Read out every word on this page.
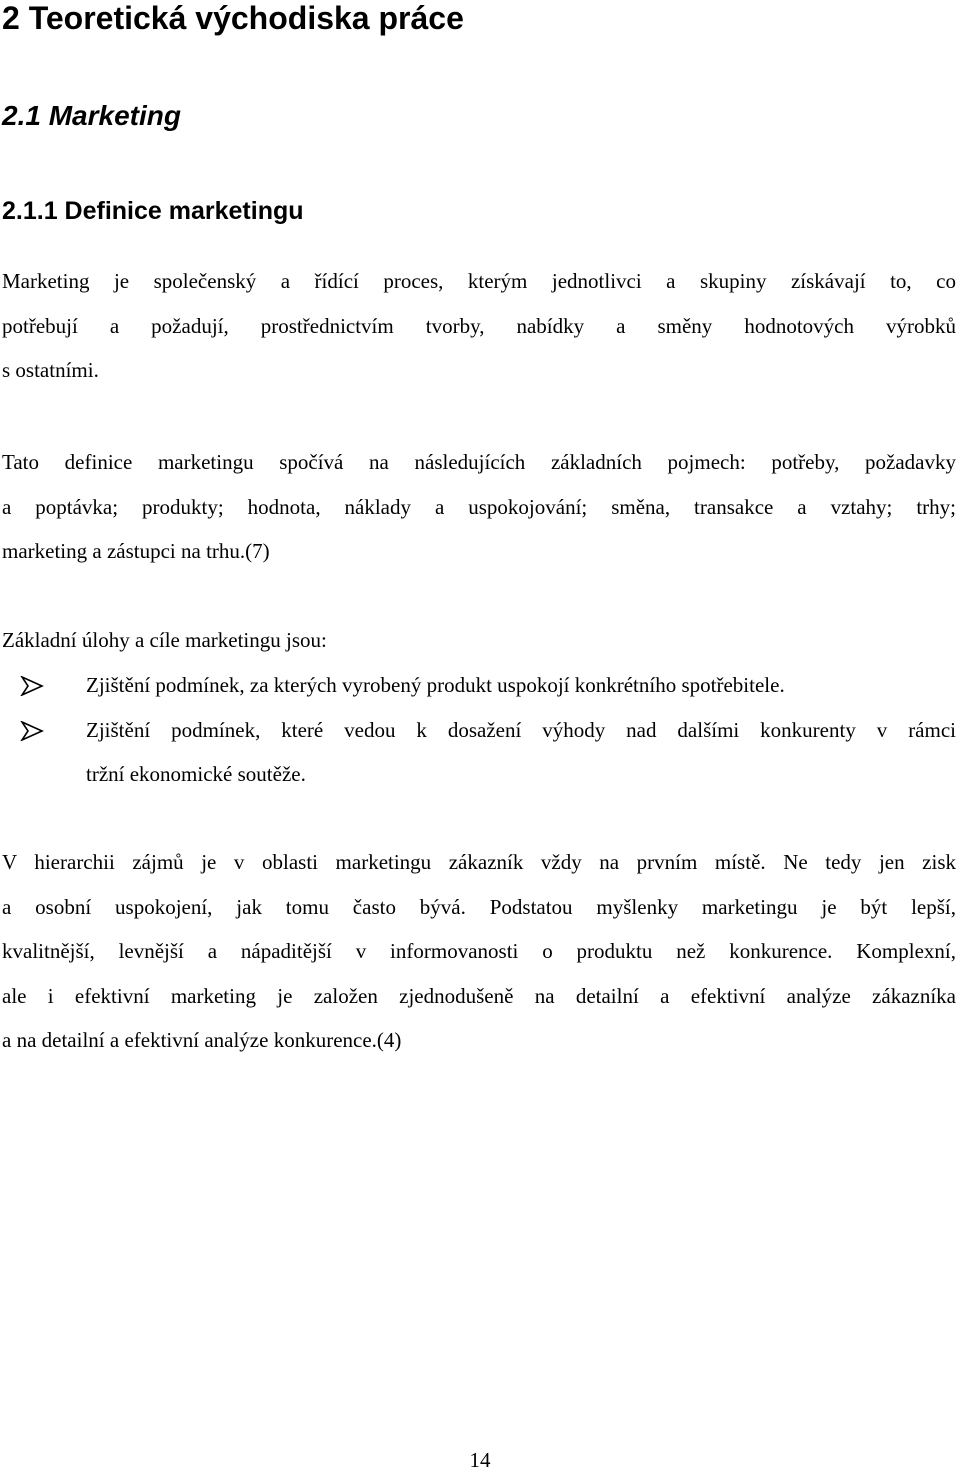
2 Teoretická východiska práce
2.1 Marketing
2.1.1 Definice marketingu

Marketing je společenský a řídící proces, kterým jednotlivci a skupiny získávají to, co
potřebují a požadují, prostřednictvím tvorby, nabídky a směny hodnotových výrobků
s ostatními.

Tato definice marketingu spočívá na následujících základních pojmech: potřeby, požadavky
a poptávka; produkty; hodnota, náklady a uspokojování; směna, transakce a vztahy; trhy;
marketing a zástupci na trhu.(7)

Základní úlohy a cíle marketingu jsou:

Zjištění podmínek, za kterých vyrobený produkt uspokojí konkrétního spotřebitele.
Zjištění podmínek, které vedou k dosažení výhody nad dalšími konkurenty v rámci
tržní ekonomické soutěže.

V hierarchii zájmů je v oblasti marketingu zákazník vždy na prvním místě. Ne tedy jen zisk
a osobní uspokojení, jak tomu často bývá. Podstatou myšlenky marketingu je být lepší,
kvalitnější, levnější a nápaditější v informovanosti o produktu než konkurence. Komplexní,
ale i efektivní marketing je založen zjednodušeně na detailní a efektivní analýze zákazníka
a na detailní a efektivní analýze konkurence.(4)

14
